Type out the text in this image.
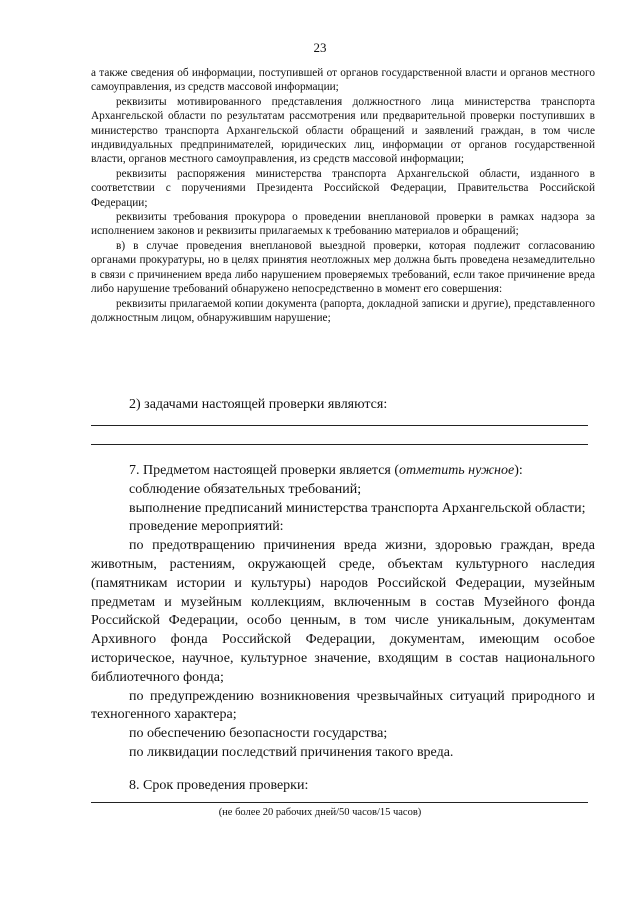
23

а также сведения об информации, поступившей от органов государственной власти и органов местного самоуправления, из средств массовой информации;

реквизиты мотивированного представления должностного лица министерства транспорта Архангельской области по результатам рассмотрения или предварительной проверки поступивших в министерство транспорта Архангельской области обращений и заявлений граждан, в том числе индивидуальных предпринимателей, юридических лиц, информации от органов государственной власти, органов местного самоуправления, из средств массовой информации;

реквизиты распоряжения министерства транспорта Архангельской области, изданного в соответствии с поручениями Президента Российской Федерации, Правительства Российской Федерации;

реквизиты требования прокурора о проведении внеплановой проверки в рамках надзора за исполнением законов и реквизиты прилагаемых к требованию материалов и обращений;

в) в случае проведения внеплановой выездной проверки, которая подлежит согласованию органами прокуратуры, но в целях принятия неотложных мер должна быть проведена незамедлительно в связи с причинением вреда либо нарушением проверяемых требований, если такое причинение вреда либо нарушение требований обнаружено непосредственно в момент его совершения:

реквизиты прилагаемой копии документа (рапорта, докладной записки и другие), представленного должностным лицом, обнаружившим нарушение;

2) задачами настоящей проверки являются:

7. Предметом настоящей проверки является (отметить нужное):

соблюдение обязательных требований;

выполнение предписаний министерства транспорта Архангельской области;

проведение мероприятий:

по предотвращению причинения вреда жизни, здоровью граждан, вреда животным, растениям, окружающей среде, объектам культурного наследия (памятникам истории и культуры) народов Российской Федерации, музейным предметам и музейным коллекциям, включенным в состав Музейного фонда Российской Федерации, особо ценным, в том числе уникальным, документам Архивного фонда Российской Федерации, документам, имеющим особое историческое, научное, культурное значение, входящим в состав национального библиотечного фонда;

по предупреждению возникновения чрезвычайных ситуаций природного и техногенного характера;

по обеспечению безопасности государства;

по ликвидации последствий причинения такого вреда.

8. Срок проведения проверки:

(не более 20 рабочих дней/50 часов/15 часов)
